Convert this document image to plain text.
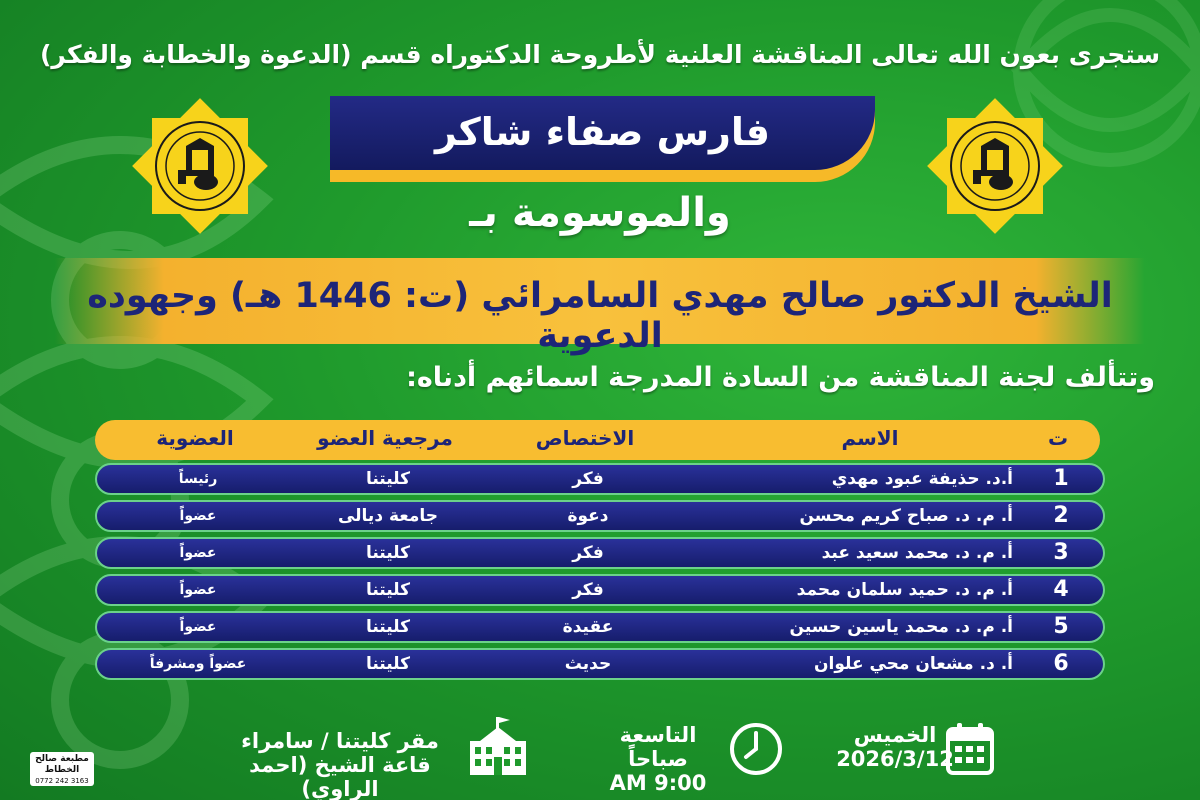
ستجرى بعون الله تعالى المناقشة العلنية لأطروحة الدكتوراه قسم (الدعوة والخطابة والفكر)
فارس صفاء شاكر
والموسومة بـ
الشيخ الدكتور صالح مهدي السامرائي (ت: 1446 هـ) وجهوده الدعوية
وتتألف لجنة المناقشة من السادة المدرجة اسمائهم أدناه:
ت
الاسم
الاختصاص
مرجعية العضو
العضوية
1
أ.د. حذيفة عبود مهدي
فكر
كليتنا
رئيساً
2
أ. م. د. صباح كريم محسن
دعوة
جامعة ديالى
عضواً
3
أ. م. د. محمد سعيد عبد
فكر
كليتنا
عضواً
4
أ. م. د. حميد سلمان محمد
فكر
كليتنا
عضواً
5
أ. م. د. محمد ياسين حسين
عقيدة
كليتنا
عضواً
6
أ. د. مشعان محي علوان
حديث
كليتنا
عضواً ومشرفاً
الخميس
2026/3/12
التاسعة صباحاً
9:00 AM
مقر كليتنا / سامراء
قاعة الشيخ (احمد الراوي)
مطبعة صالح الخطاط
0772 242 3163
